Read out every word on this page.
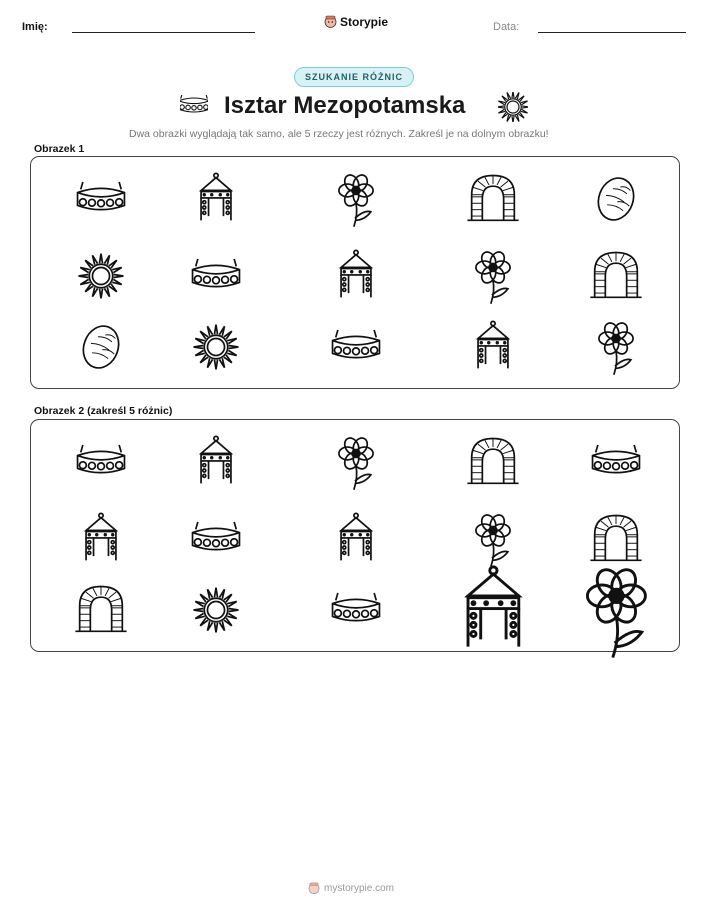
Imię:	Storypie	Data:
SZUKANIE RÓŻNIC
Isztar Mezopotamska
Dwa obrazki wyglądają tak samo, ale 5 rzeczy jest różnych. Zakreśl je na dolnym obrazku!
Obrazek 1
Obrazek 2 (zakreśl 5 różnic)
mystorypie.com
